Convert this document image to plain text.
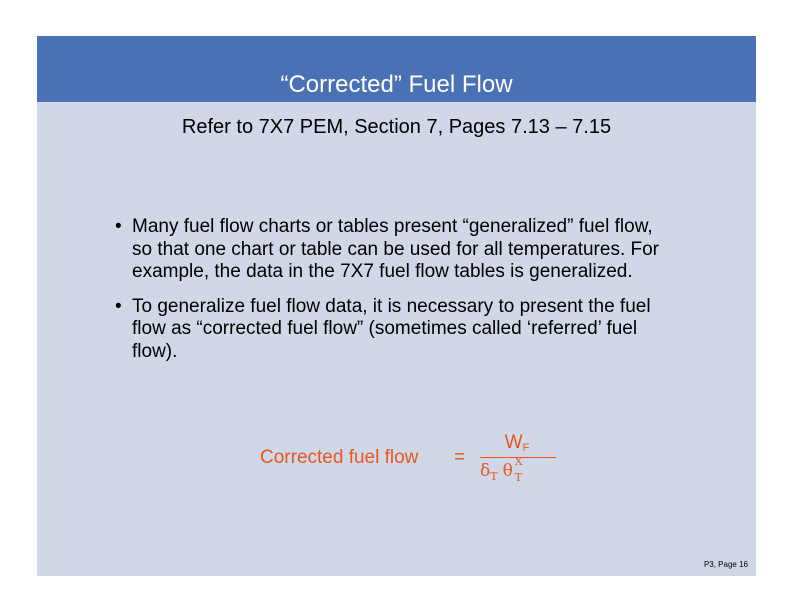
“Corrected” Fuel Flow
Refer to 7X7 PEM, Section 7, Pages 7.13 – 7.15
• Many fuel flow charts or tables present “generalized” fuel flow, so that one chart or table can be used for all temperatures. For example, the data in the 7X7 fuel flow tables is generalized.
• To generalize fuel flow data, it is necessary to present the fuel flow as “corrected fuel flow” (sometimes called ‘referred’ fuel flow).
Corrected fuel flow =
$W_F$
$\delta_T$ θ X
T
P3, Page 16
